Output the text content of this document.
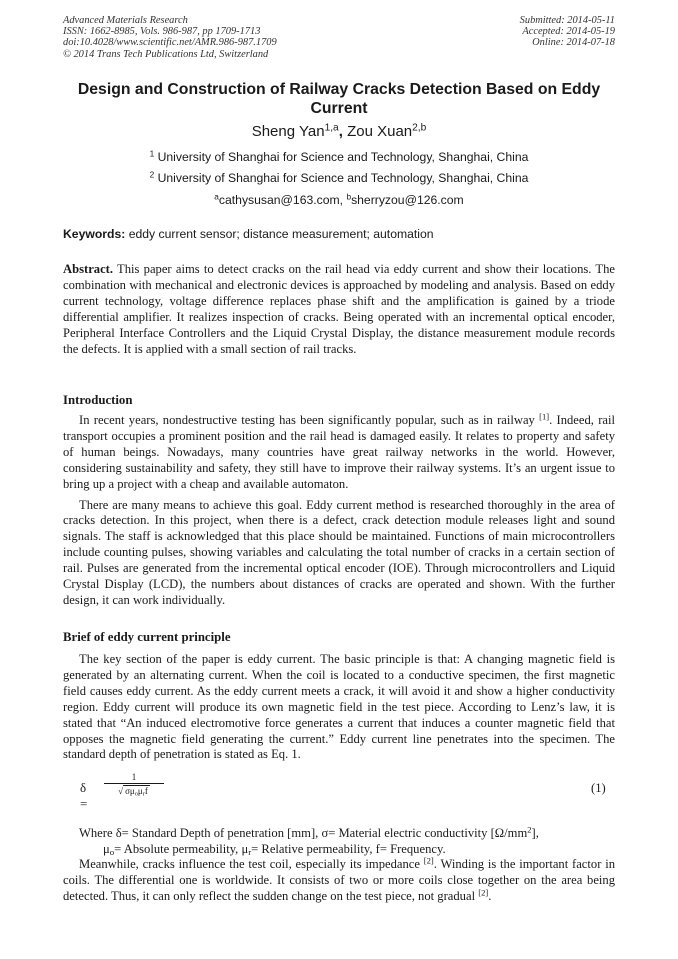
Advanced Materials Research
ISSN: 1662-8985, Vols. 986-987, pp 1709-1713
doi:10.4028/www.scientific.net/AMR.986-987.1709
© 2014 Trans Tech Publications Ltd, Switzerland
Submitted: 2014-05-11
Accepted: 2014-05-19
Online: 2014-07-18
Design and Construction of Railway Cracks Detection Based on Eddy Current
Sheng Yan$^{1,a}$, Zou Xuan$^{2,b}$
$^1$ University of Shanghai for Science and Technology, Shanghai, China
$^2$ University of Shanghai for Science and Technology, Shanghai, China
$^a$cathysusan@163.com, $^b$sherryzou@126.com
Keywords: eddy current sensor; distance measurement; automation

Abstract. This paper aims to detect cracks on the rail head via eddy current and show their locations. The combination with mechanical and electronic devices is approached by modeling and analysis. Based on eddy current technology, voltage difference replaces phase shift and the amplification is gained by a triode differential amplifier. It realizes inspection of cracks. Being operated with an incremental optical encoder, Peripheral Interface Controllers and the Liquid Crystal Display, the distance measurement module records the defects. It is applied with a small section of rail tracks.

Introduction

In recent years, nondestructive testing has been significantly popular, such as in railway [1]. Indeed, rail transport occupies a prominent position and the rail head is damaged easily. It relates to property and safety of human beings. Nowadays, many countries have great railway networks in the world. However, considering sustainability and safety, they still have to improve their railway systems. It’s an urgent issue to bring up a project with a cheap and available automaton.

There are many means to achieve this goal. Eddy current method is researched thoroughly in the area of cracks detection. In this project, when there is a defect, crack detection module releases light and sound signals. The staff is acknowledged that this place should be maintained. Functions of main microcontrollers include counting pulses, showing variables and calculating the total number of cracks in a certain section of rail. Pulses are generated from the incremental optical encoder (IOE). Through microcontrollers and Liquid Crystal Display (LCD), the numbers about distances of cracks are operated and shown. With the further design, it can work individually.

Brief of eddy current principle

The key section of the paper is eddy current. The basic principle is that: A changing magnetic field is generated by an alternating current. When the coil is located to a conductive specimen, the first magnetic field causes eddy current. As the eddy current meets a crack, it will avoid it and show a higher conductivity region. Eddy current will produce its own magnetic field in the test piece. According to Lenz’s law, it is stated that “An induced electromotive force generates a current that induces a counter magnetic field that opposes the magnetic field generating the current.” Eddy current line penetrates into the specimen. The standard depth of penetration is stated as Eq. 1.

δ =
1
√ $\sigma\mu_o\mu_rf$	(1)
Where δ= Standard Depth of penetration [mm], σ= Material electric conductivity $[\Omega/mm^2]$,
$\mu_o=$ Absolute permeability, $\mu_r=$ Relative permeability, f= Frequency.

Meanwhile, cracks influence the test coil, especially its impedance [2]. Winding is the important factor in coils. The differential one is worldwide. It consists of two or more coils close together on the area being detected. Thus, it can only reflect the sudden change on the test piece, not gradual [2].
